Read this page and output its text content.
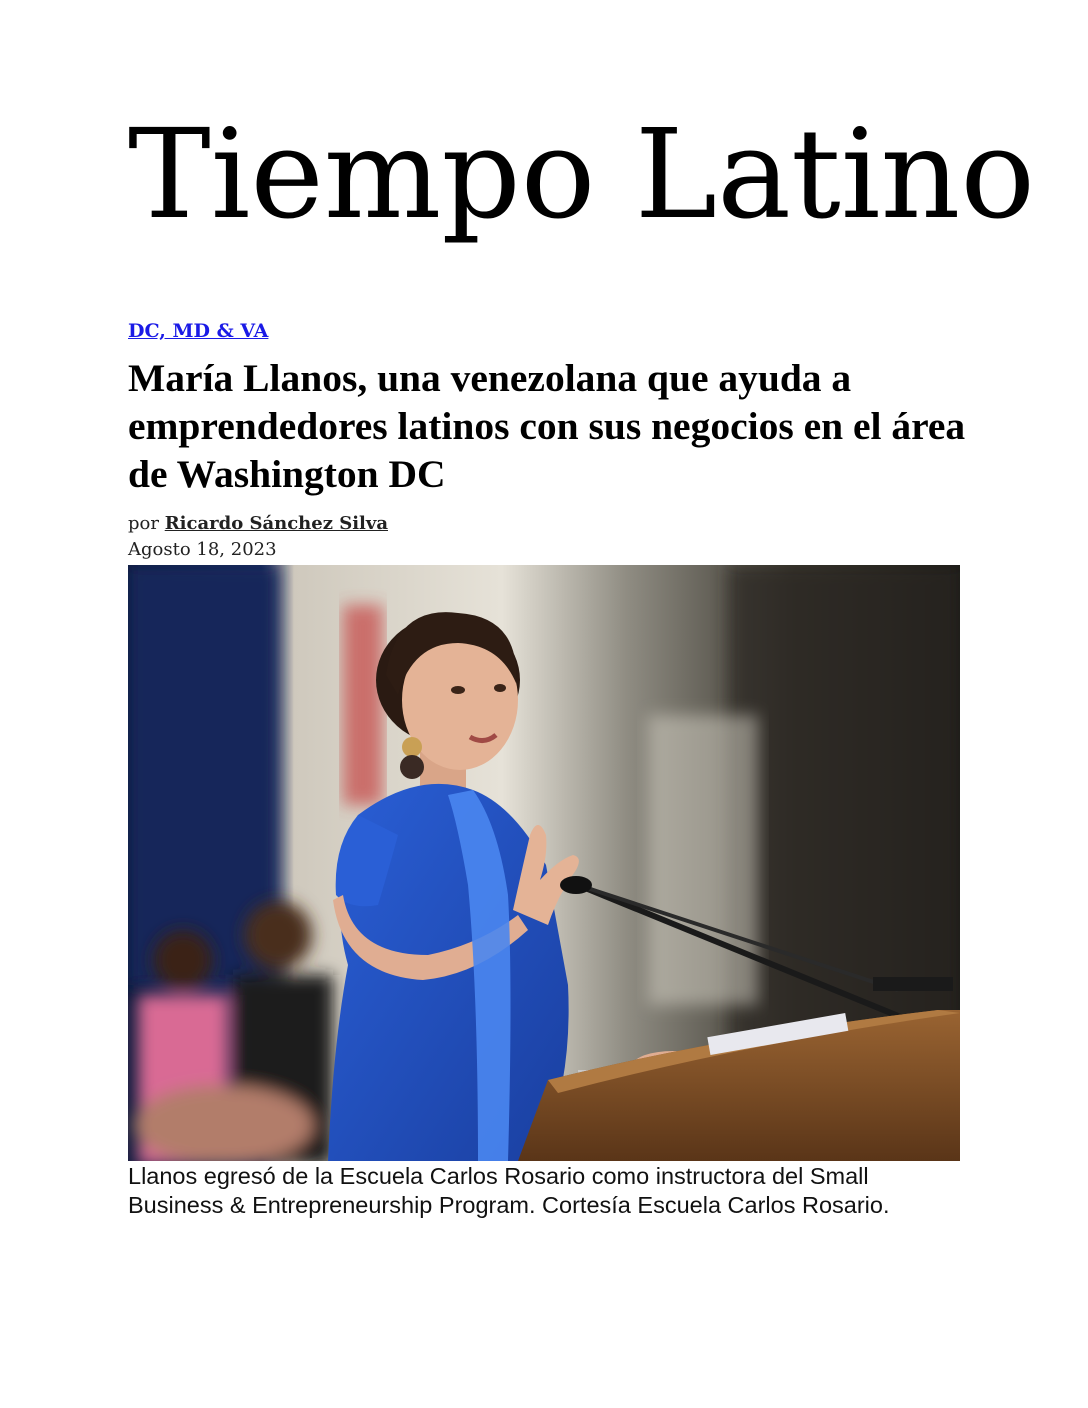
Tiempo Latino
DC, MD & VA
María Llanos, una venezolana que ayuda a emprendedores latinos con sus negocios en el área de Washington DC
por Ricardo Sánchez Silva
Agosto 18, 2023

Llanos egresó de la Escuela Carlos Rosario como instructora del Small Business & Entrepreneurship Program. Cortesía Escuela Carlos Rosario.
